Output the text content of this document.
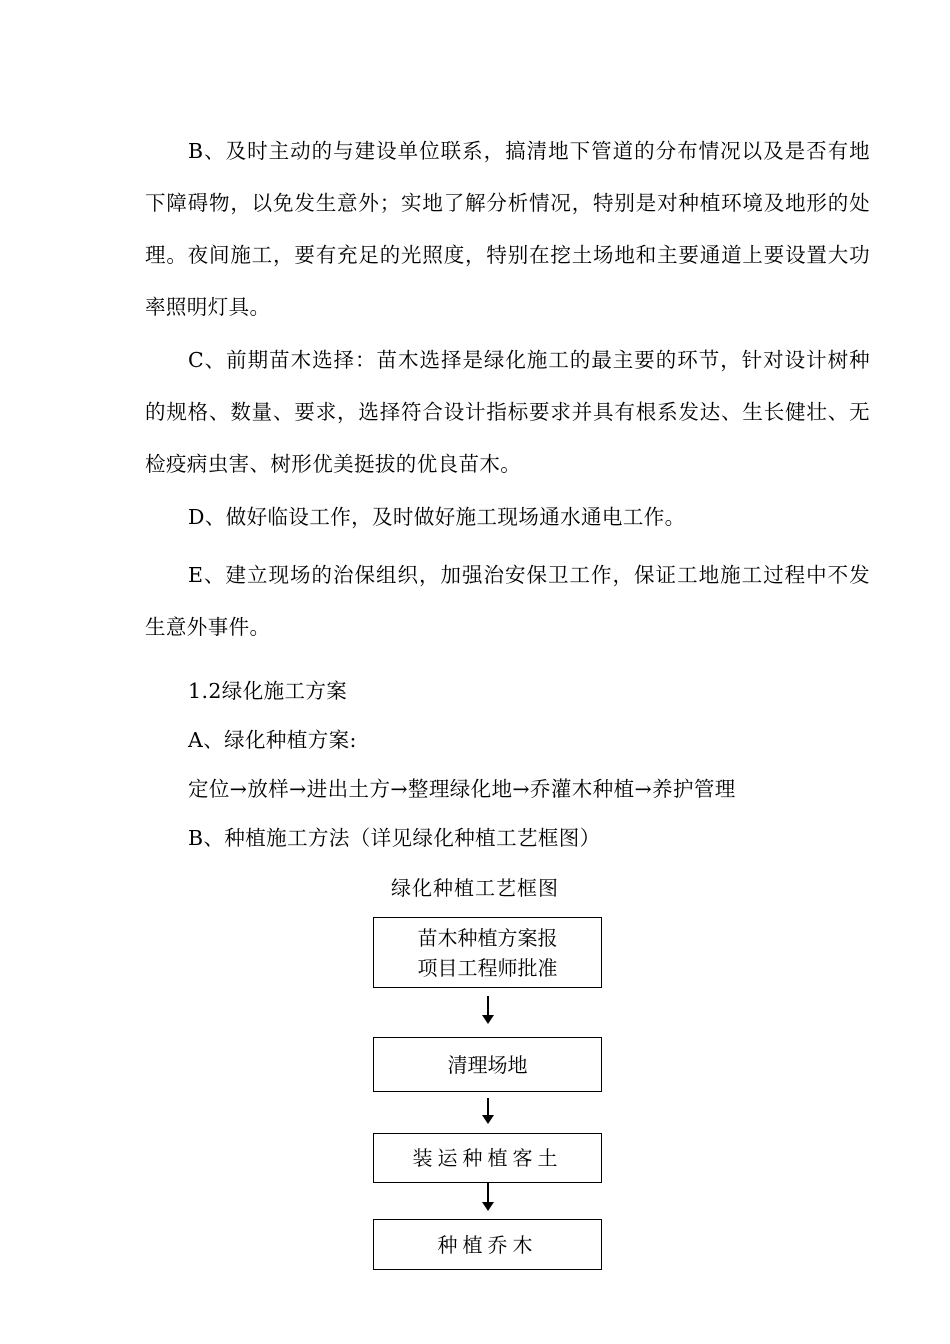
B、及时主动的与建设单位联系，搞清地下管道的分布情况以及是否有地下障碍物，以免发生意外；实地了解分析情况，特别是对种植环境及地形的处理。夜间施工，要有充足的光照度，特别在挖土场地和主要通道上要设置大功率照明灯具。

C、前期苗木选择：苗木选择是绿化施工的最主要的环节，针对设计树种的规格、数量、要求，选择符合设计指标要求并具有根系发达、生长健壮、无检疫病虫害、树形优美挺拔的优良苗木。

D、做好临设工作，及时做好施工现场通水通电工作。

E、建立现场的治保组织，加强治安保卫工作，保证工地施工过程中不发生意外事件。

1.2绿化施工方案

A、绿化种植方案:

定位→放样→进出土方→整理绿化地→乔灌木种植→养护管理

B、种植施工方法（详见绿化种植工艺框图）

绿化种植工艺框图

苗木种植方案报
项目工程师批准
清理场地
装运种植客土
种植乔木
